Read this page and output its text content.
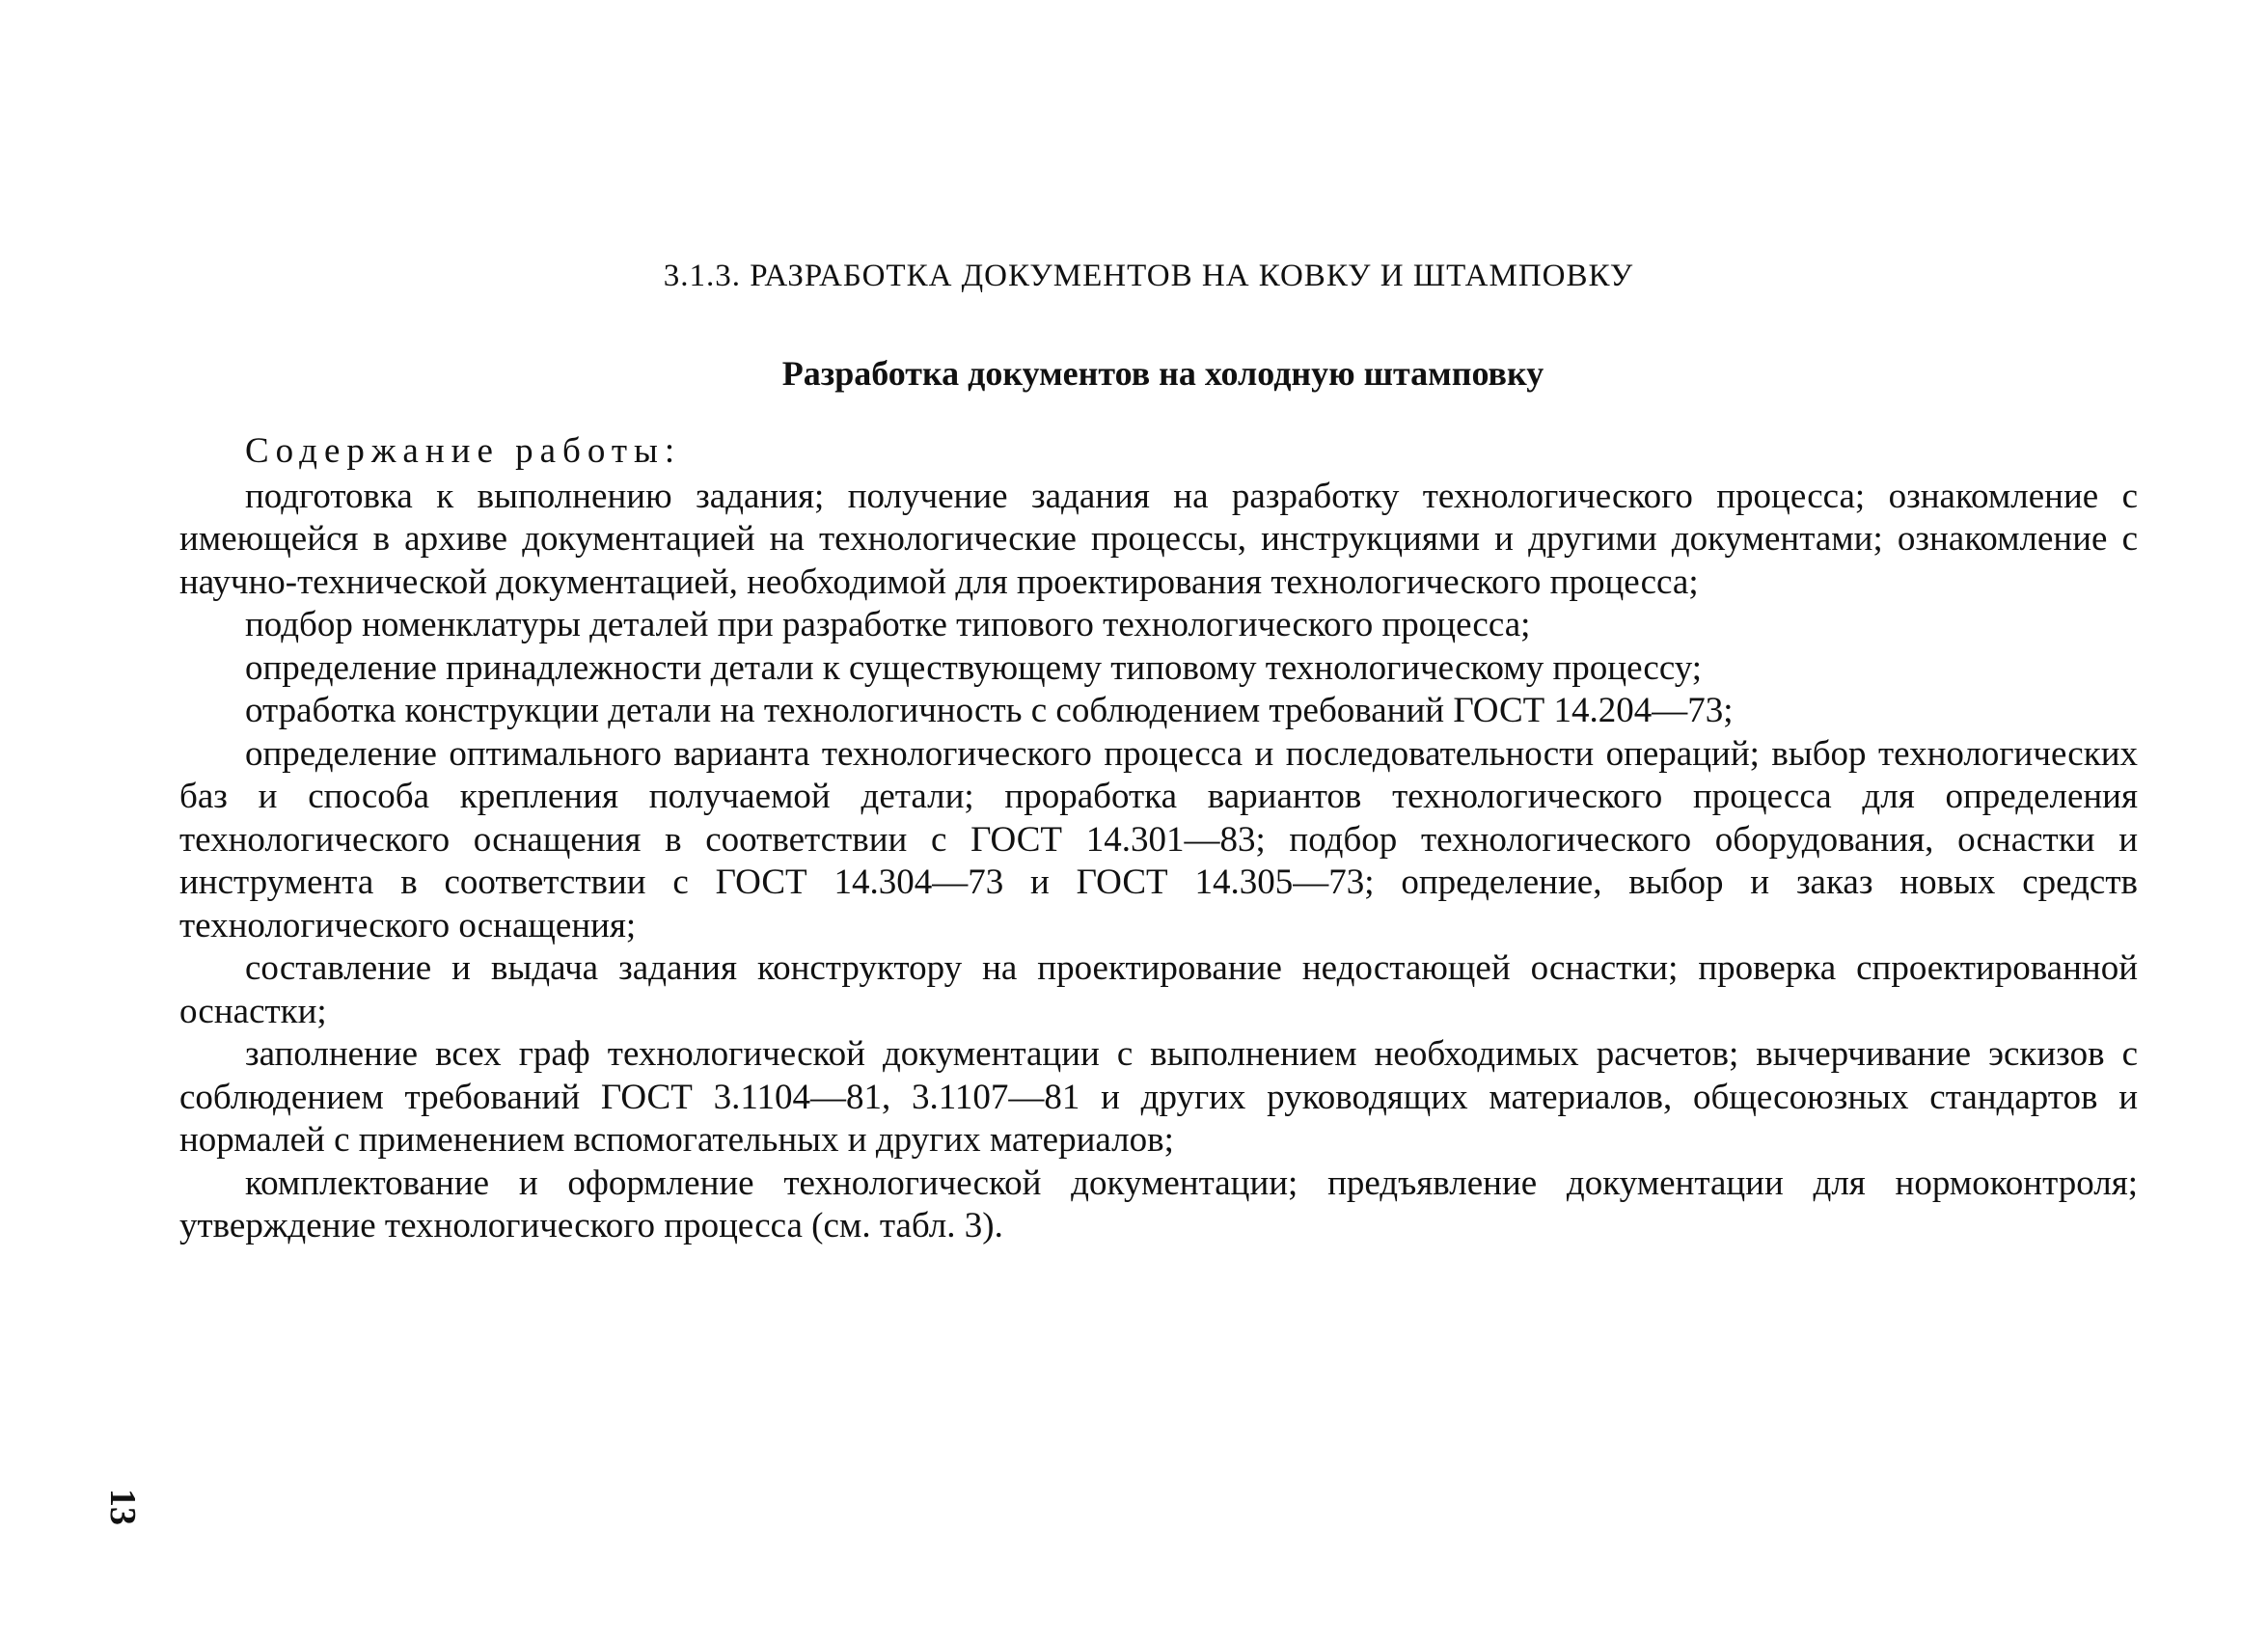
3.1.3. РАЗРАБОТКА ДОКУМЕНТОВ НА КОВКУ И ШТАМПОВКУ
Разработка документов на холодную штамповку

Содержание работы:

подготовка к выполнению задания; получение задания на разработку технологического процесса; ознакомление с имеющейся в архиве документацией на технологические процессы, инструкциями и другими документами; ознакомление с научно-технической документацией, необходимой для проектирования технологического процесса;

подбор номенклатуры деталей при разработке типового технологического процесса;

определение принадлежности детали к существующему типовому технологическому процессу;

отработка конструкции детали на технологичность с соблюдением требований ГОСТ 14.204—73;

определение оптимального варианта технологического процесса и последовательности операций; выбор технологических баз и способа крепления получаемой детали; проработка вариантов технологического процесса для определения технологического оснащения в соответствии с ГОСТ 14.301—83; подбор технологического оборудования, оснастки и инструмента в соответствии с ГОСТ 14.304—73 и ГОСТ 14.305—73; определение, выбор и заказ новых средств технологического оснащения;

составление и выдача задания конструктору на проектирование недостающей оснастки; проверка спроектированной оснастки;

заполнение всех граф технологической документации с выполнением необходимых расчетов; вычерчивание эскизов с соблюдением требований ГОСТ 3.1104—81, 3.1107—81 и других руководящих материалов, общесоюзных стандартов и нормалей с применением вспомогательных и других материалов;

комплектование и оформление технологической документации; предъявление документации для нормоконтроля; утверждение технологического процесса (см. табл. 3).

13
